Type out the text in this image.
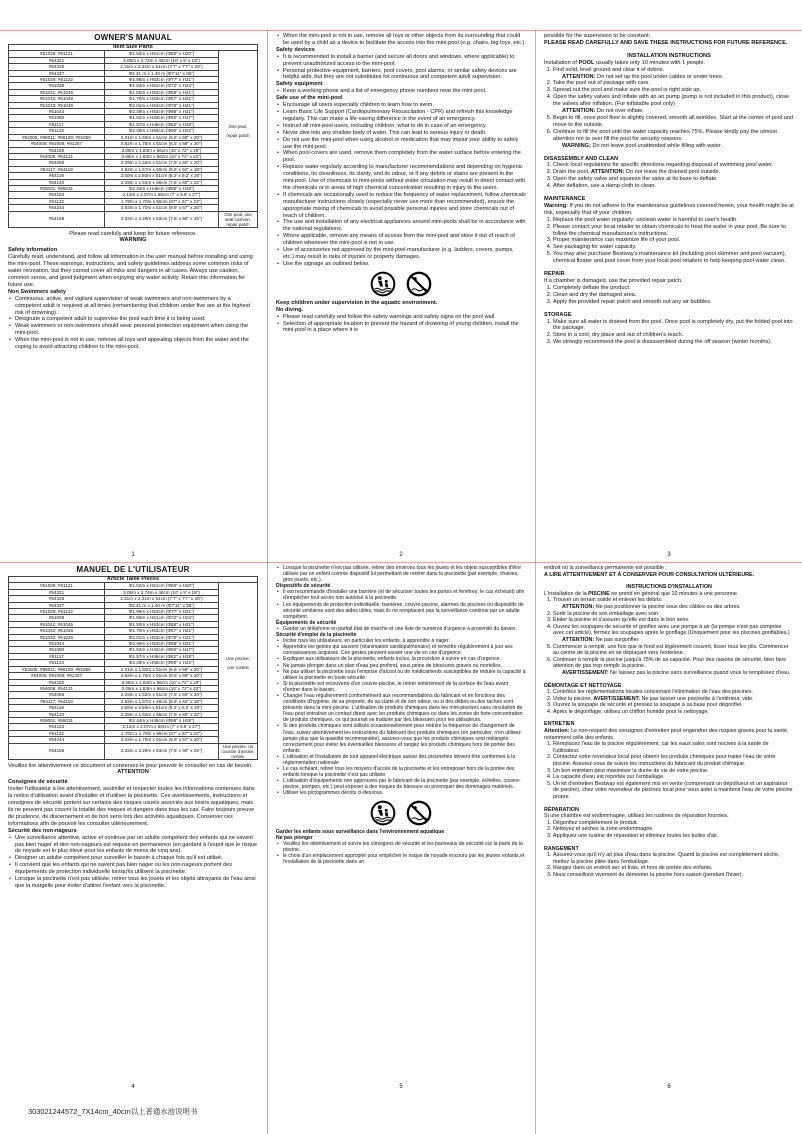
OWNER'S MANUAL
Item Size Parts		
#51028; #51121	Φ1.52m x H51cm (Φ60" x H20")	One pool,
repair patch

#54321	3.05m x 2.74m x 46cm (10' x 9' x 18")	
#54336	2.31m x 2.31m x 51cm (7'7" x 7'7" x 20")	
#54337	Φ2.41 m x 1.40 m (Φ7'11" x 55")	
#51029; #51122	Φ1.96m x H53cm (Φ77" x H21")	
#51038	Φ1.83m x H61cm (Φ72" x H24")	
#51041; #51045	Φ1.50m x H53cm (Φ59" x H21")	
#51042; #51048	Φ1.70m x H53cm (Φ67" x H21")	
#51043; #51046	Φ2.01m x H53cm (Φ79" x H21")	
#51044	Φ2.49m x H53cm (Φ98" x H21")	
#51080	Φ1.52m x H43cm (Φ60" x H17")	
#51117	Φ1.57m x H46cm (Φ62" x H18")	
#51123	Φ2.29m x H56cm (Φ90" x H22")	
#54005; #98011; #96109; #91056	2.01m x 1.50m x 51cm (6.6' x 59" x 20")	
#54006; #91008; #91207	2.62m x 1.75m x 51cm (8.5' x 69" x 20")	
#54150	3.05m x 1.83m x 56cm (10' x 72" x 18")	
#54009; #54121	3.05m x 1.83m x 56cm (10' x 72" x 22")	
#54066	2.29m x 1.52m x 51cm (7.5' x 60" x 20")	
#54117; #54118	2.62m x 1.57m x 46cm (8.6' x 62" x 18")	
#54119	2.50m x 2.50m x 51cm (8.2' x 8.2' x 20")	
#54120	2.29m x 1.52m x 56cm (7.5' x 60" x 22")	
#55001; #55031	Φ2.44m x H46cm (Φ96" x H18")	
#54153	2.13m x 2.07m x 69cm (7' x 6.8' x 27")	
#51132	1.70m x 1.70m x 56cm (67" x 67" x 22")	
#54244	3.02m x 1.70m x 51cm (9.9' x 67" x 20")	
#54158	2.32m x 2.29m x 63cm (7.6' x 90" x 25")	One pool, one seat cushion, repair patch

Please read carefully and keep for future reference.

WARNING

Safety information

Carefully read, understand, and follow all information in the user manual before installing and using the mini-pool. These warnings, instructions, and safety guidelines address some common risks of water recreation, but they cannot cover all risks and dangers in all cases. Always use caution, common sense, and good judgment when enjoying any water activity. Retain this information for future use.

Non Swimmers safety

• Continuous, active, and vigilant supervision of weak swimmers and non-swimmers by a competent adult is required at all times (remembering that children under five are at the highest risk of drowning).
• Designate a competent adult to supervise the pool each time it is being used.
• Weak swimmers or non-swimmers should wear personal protection equipment when using the mini-pool.
• When the mini-pool is not in use, remove all toys and appealing objects from the water and the coping to avoid attracting children to the mini-pool.
1
• When the mini-pool is not in use, remove all toys or other objects from its surrounding that could be used by a child as a device to facilitate the access into the mini-pool (e.g. chairs, big toys, etc.).

Safety devices

• It is recommended to install a barrier (and secure all doors and windows, where applicable) to prevent unauthorized access to the mini-pool.
• Personal protective equipment, barriers, pool covers, pool alarms, or similar safety devices are helpful aids, but they are not substitutes for continuous and competent adult supervision.

Safety equipment

• Keep a working phone and a list of emergency phone numbers near the mini-pool.

Safe use of the mini-pool

• Encourage all users especially children to learn how to swim.
• Learn Basic Life Support (Cardiopulmonary Resuscitation - CPR) and refresh this knowledge regularly. This can make a life-saving difference in the event of an emergency.
• Instruct all mini-pool users, including children, what to do in case of an emergency.
• Never dive into any shallow body of water. This can lead to serious injury or death.
• Do not use the mini-pool when using alcohol or medication that may impair your ability to safely use the mini-pool.
• When pool covers are used, remove them completely from the water surface before entering the pool.
• Replace water regularly according to manufacturer recommendations and depending on hygienic conditions, its cleanliness, its clarity, and its odour, or if any debris or stains are present in the mini-pool. Use of chemicals in mini-pools without water circulation may result in direct contact with the chemicals or in areas of high chemical concentration resulting in injury to the users.
• If chemicals are occasionally used to reduce the frequency of water replacement, follow chemicals manufacturer instructions closely (especially never use more than recommended), ensure the appropriate mixing of chemicals to avoid possible personal injuries and store chemicals out of reach of children.
• The use and installation of any electrical appliances around mini-pools shall be in accordance with the national regulations.
• Where applicable, remove any means of access from the mini-pool and store it out of reach of children whenever the mini-pool is not in use.
• Use of accessories not approved by the mini-pool manufacturer (e.g. ladders, covers, pumps, etc.) may result in risks of injuries or property damages.
• Use the signage as outlined below.

Keep children under supervision in the aquatic environment.

No diving.

• Please read carefully and follow the safety warnings and safety signs on the pool wall.
• Selection of appropriate location to prevent the hazard of drowning of young children, install the mini-pool in a place where it is
2

possible for the supervision to be constant;

PLEASE READ CAREFULLY AND SAVE THESE INSTRUCTIONS FOR FUTURE REFERENCE.

INSTALLATION INSTRUCTIONS

Installation of POOL usually takes only 10 minutes with 1 people.

1. Find solid, level ground and clear it of debris.
ATTENTION: Do not set up the pool under cables or under trees.
2. Take the pool out of package with care.
3. Spread out the pool and make sure the pool is right side up.
4. Open the safety valves and inflate with an air pump (pump is not included in this product), close the valves after inflation. (For inflatable pool only)
ATTENTION: Do not over inflate.
5. Begin to fill, once pool floor is slightly covered, smooth all wrinkles. Start at the center of pool and move to the outside.
6. Continue to fill the pool until the water capacity reaches 75%. Please kindly pay the utmost attention not to over fill the pool for security reasons.
WARNING: Do not leave pool unattended while filling with water.

DISASSEMBLY AND CLEAN

1. Check local regulations for specific directions regarding disposal of swimming pool water.
2. Drain the pool. ATTENTION: Do not leave the drained pool outside.
3. Open the safety valve and squeeze the valve at its base to deflate.
4. After deflation, use a damp cloth to clean.

MAINTENANCE

Warning: If you do not adhere to the maintenance guidelines covered herein, your health might be at risk, especially that of your children.

1. Replace the pool water regularly; unclean water is harmful to user's health.
2. Please contact your local retailer to obtain chemicals to treat the water in your pool. Be sure to follow the chemical manufacture's instructions.
3. Proper maintenance can maximize life of your pool.
4. See packaging for water capacity.
5. You may also purchase Bestway's maintenance kit (including pool skimmer and pool vacuum), chemical floater and pool cover from your local pool retailers to help keeping pool water clean.

REPAIR

If a chamber is damaged, use the provided repair patch.

1. Completely deflate the product.
2. Clean and dry the damaged area.
3. Apply the provided repair patch and smooth out any air bubbles.

STORAGE

1. Make sure all water is drained from the pool. Once pool is completely dry, put the folded pool into the package.
2. Store in a cool, dry place and out of children's reach.
3. We strongly recommend the pool is disassembled during the off season (winter months).
3
MANUEL DE L'UTILISATEUR
Article Taille Pièces		
#51028; #51121	Φ1.52m x H51cm (Φ60" x H20")	Une piscine,
une rustine

#54321	3.05m x 2.74m x 46cm (10' x 9' x 18")	
#54336	2.31m x 2.31m x 51cm (7'7" x 7'7" x 20")	
#54337	Φ2.41 m x 1.40 m (Φ7'11" x 55")	
#51029; #51122	Φ1.96m x H53cm (Φ77" x H21")	
#51038	Φ1.83m x H61cm (Φ72" x H24")	
#51041; #51045	Φ1.50m x H53cm (Φ59" x H21")	
#51042; #51048	Φ1.70m x H53cm (Φ67" x H21")	
#51043; #51046	Φ2.01m x H53cm (Φ79" x H21")	
#51044	Φ2.49m x H53cm (Φ98" x H21")	
#51080	Φ1.52m x H43cm (Φ60" x H17")	
#51117	Φ1.57m x H46cm (Φ62" x H18")	
#51123	Φ2.29m x H56cm (Φ90" x H22")	
#54005; #98011; #96109; #91056	2.01m x 1.50m x 51cm (6.6' x 59" x 20")	
#54006; #91008; #91207	2.62m x 1.75m x 51cm (8.5' x 69" x 20")	
#54150	3.05m x 1.83m x 56cm (10' x 72" x 18")	
#54009; #54121	3.05m x 1.83m x 56cm (10' x 72" x 22")	
#54066	2.29m x 1.52m x 51cm (7.5' x 60" x 20")	
#54117; #54118	2.62m x 1.57m x 46cm (8.6' x 62" x 18")	
#54119	2.50m x 2.50m x 51cm (8.2' x 8.2' x 20")	
#54120	2.29m x 1.52m x 56cm (7.5' x 60" x 22")	
#55001; #55031	Φ2.44m x H46cm (Φ96" x H18")	
#54153	2.13m x 2.07m x 69cm (7' x 6.8' x 27")	
#51132	1.70m x 1.70m x 56cm (67" x 67" x 22")	
#54244	3.02m x 1.70m x 51cm (9.9' x 67" x 20")	
#54158	2.32m x 2.29m x 63cm (7.6' x 90" x 25")	Une piscine, un coussin d'assise, rustine

Veuillez lire attentivement ce document et conservez-le pour pouvoir le consulter en cas de besoin.

ATTENTION

Consignes de sécurité

Inviter l'utilisateur à lire attentivement, assimiler et respecter toutes les informations contenues dans la notice d'utilisation avant d'installer et d'utiliser la piscinette. Ces avertissements, instructions et consignes de sécurité portent sur certains des risques usuels associés aux loisirs aquatiques, mais ils ne peuvent pas couvrir la totalité des risques et dangers dans tous les cas. Faire toujours preuve de prudence, de discernement et de bon sens lors des activités aquatiques. Conserver ces informations afin de pouvoir les consulter ultérieurement.

Sécurité des non-nageurs

• Une surveillance attentive, active et continue par un adulte compétent des enfants qui ne savent pas bien nager et des non-nageurs est requise en permanence (en gardant à l'esprit que le risque de noyade est le plus élevé pour les enfants de moins de cinq ans).
• Désigner un adulte compétent pour surveiller le bassin à chaque fois qu'il est utilisé.
• Il convient que les enfants qui ne savent pas bien nager ou les non-nageurs portent des équipements de protection individuelle lorsqu'ils utilisent la piscinette.
• Lorsque la piscinette n'est pas utilisée, retirer tous les jouets et les objets attrayants de l'eau ainsi que la margelle pour éviter d'attirer l'enfant vers la piscinette.
4
• Lorsque la piscinette n'est pas utilisée, retirer des environs tous les jouets et les objets susceptibles d'être utilisés par un enfant comme dispositif lui permettant de rentrer dans la piscinette (par exemple, chaises, gros jouets, etc.).

Dispositifs de sécurité

• Il est recommandé d'installer une barrière (et de sécuriser toutes les portes et fenêtres, le cas échéant) afin d'empêcher tout accès non autorisé à la piscinette.
• Les équipements de protection individuelle, barrières, couvre-piscine, alarmes de piscines ou dispositifs de sécurité similaires sont des aides utiles, mais ils ne remplacent pas la surveillance continue par un adulte compétent.

Équipements de sécurité

• Garder un téléphone en parfait état de marche et une liste de numéros d'urgence à proximité du bassin.

Sécurité d'emploi de la piscinette

• Inciter tous les utilisateurs, en particulier les enfants, à apprendre à nager.
• Apprendre les gestes qui sauvent (réanimation cardiopulmonaire) et remettre régulièrement à jour ses connaissances acquises. Ces gestes peuvent sauver une vie en cas d'urgence.
• Expliquer aux utilisateurs de la piscinette, enfants inclus, la procédure à suivre en cas d'urgence.
• Ne jamais plonger dans un plan d'eau peu profond, sous peine de blessures graves ou mortelles.
• Ne pas utiliser la piscinette sous l'emprise d'alcool ou de médicaments susceptibles de réduire la capacité à utiliser la piscinette en toute sécurité.
• Si la piscinette est recouverte d'un couvre-piscine, le retirer entièrement de la surface de l'eau avant d'entrer dans le bassin.
• Changer l'eau régulièrement conformément aux recommandations du fabricant et en fonctions des conditions d'hygiène, de sa propreté, de sa clarté et de son odeur, ou si des débris ou des taches sont présents dans la mini-piscine. L'utilisation de produits chimiques dans les mini-piscines sans circulation de l'eau peut entraîner un contact direct avec les produits chimiques ou dans les zones de forte concentration de produits chimiques, ce qui pourrait se traduire par des blessures pour les utilisateurs.
• Si des produits chimiques sont utilisés occasionnellement pour réduire la fréquence de changement de l'eau, suivez attentivement les instructions du fabricant des produits chimiques (en particulier, n'en utilisez jamais plus que la quantité recommandée), assurez-vous que les produits chimiques sont mélangés correctement pour éviter les éventuelles blessures et rangez les produits chimiques hors de portée des enfants.
• L'utilisation et l'installation de tout appareil électrique autour des piscinettes doivent être conformes à la réglementation nationale
• Le cas échéant, retirer tous les moyens d'accès de la piscinette et les entreposer hors de la portée des enfants lorsque la piscinette n'est pas utilisée.
• L'utilisation d'équipements non approuvés par le fabricant de la piscinette (par exemple, échelles, couvre-piscine, pompes, etc.) peut exposer à des risques de blessure ou provoquer des dommages matériels.
• Utiliser les pictogrammes décrits ci-dessous.

Garder les enfants sous surveillance dans l'environnement aquatique

Ne pas plonger

• Veuillez lire attentivement et suivre les consignes de sécurité et les panneaux de sécurité sur la paroi de la piscine.
• le choix d'un emplacement approprié pour empêcher le risque de noyade encouru par les jeunes enfants,et l'installation de la piscinette dans un
5

endroit où la surveillance permanente est possible ;

A LIRE ATTENTIVEMENT ET À CONSERVER POUR CONSULTATION ULTÉRIEURE.

INSTRUCTIONS D'INSTALLATION

L'installation de la PISCINE ne prend en général que 10 minutes à une personne.

1. Trouver un terrain solide et enlever les débris.
ATTENTION: Ne pas positionner la piscine sous des câbles ou des arbres.
2. Sortir la piscine de son emballage avec soin.
3. Étaler la piscine et s'assurer qu'elle est dans le bon sens.
4. Ouvrez les soupapes de sécurité et gonflez avec une pompe à air (la pompe n'est pas comprise avec cet article), fermez les soupapes après le gonflage.(Uniquement pour les piscines gonflables.)
ATTENTION: Ne pas surgonfler.
5. Commencer à remplir, une fois que le fond est légèrement couvert, lisser tous les plis. Commencer au centre de la piscine en se déplaçant vers l'extérieur.
6. Continuer à remplir la piscine jusqu'à 75% de sa capacité. Pour des raisons de sécurité, bien faire attention de pas trop remplir la piscine.
AVERTISSEMENT: Ne laissez pas la piscine sans surveillance quand vous la remplissez d'eau.

DÉMONTAGE ET NETTOYAGE

1. Contrôlez les réglementations locales concernant l'élimination de l'eau des piscines.
2. Videz la piscine. AVERTISSEMENT: Ne pas laisser une piscinette à l'extérieur, vide.
3. Ouvrez la soupape de sécurité et pressez la soupape à sa base pour dégonfler.
4. Après le dégonflage, utilisez un chiffon humide pour le nettoyage.

ENTRETIEN

Attention: Le non-respect des consignes d'entretien peut engendrer des risques graves pour la santé, notamment celle des enfants.

1. Remplacez l'eau de la piscine régulièrement, car les eaux sales sont nocives à la santé de l'utilisateur.
2. Contactez votre revendeur local pour obtenir les produits chimiques pour traiter l'eau de votre piscine. Assurez-vous de suivre les instructions du fabricant du produit chimique.
3. Un bon entretien peut maximiser la durée de vie de votre piscine.
4. La capacité d'eau est reportée sur l'emballage.
5. Un kit d'entretien Bestway est également mis en vente (comprenant un dépollueur et un aspirateur de piscine), chez votre revendeur de piscines local pour vous aider à maintenir l'eau de votre piscine propre.

RÉPARATION

Si une chambre est endommagée, utilisez les rustines de réparation fournies.

1. Dégonflez complètement le produit.
2. Nettoyez et séchez la zone endommagée.
3. Appliquez une rustine de réparation et éliminez toutes les bulles d'air.

RANGEMENT

1. Assurez-vous qu'il n'y ait plus d'eau dans la piscine. Quand la piscine est complètement sèche, mettez la piscine pliée dans l'emballage.
2. Rangez dans un endroit sec et frais, et hors de portée des enfants.
3. Nous conseillons vivement de démonter la piscine hors saison (pendant l'hiver).
6
303021244572_7X14cm_40cm以上普通水池说明书
